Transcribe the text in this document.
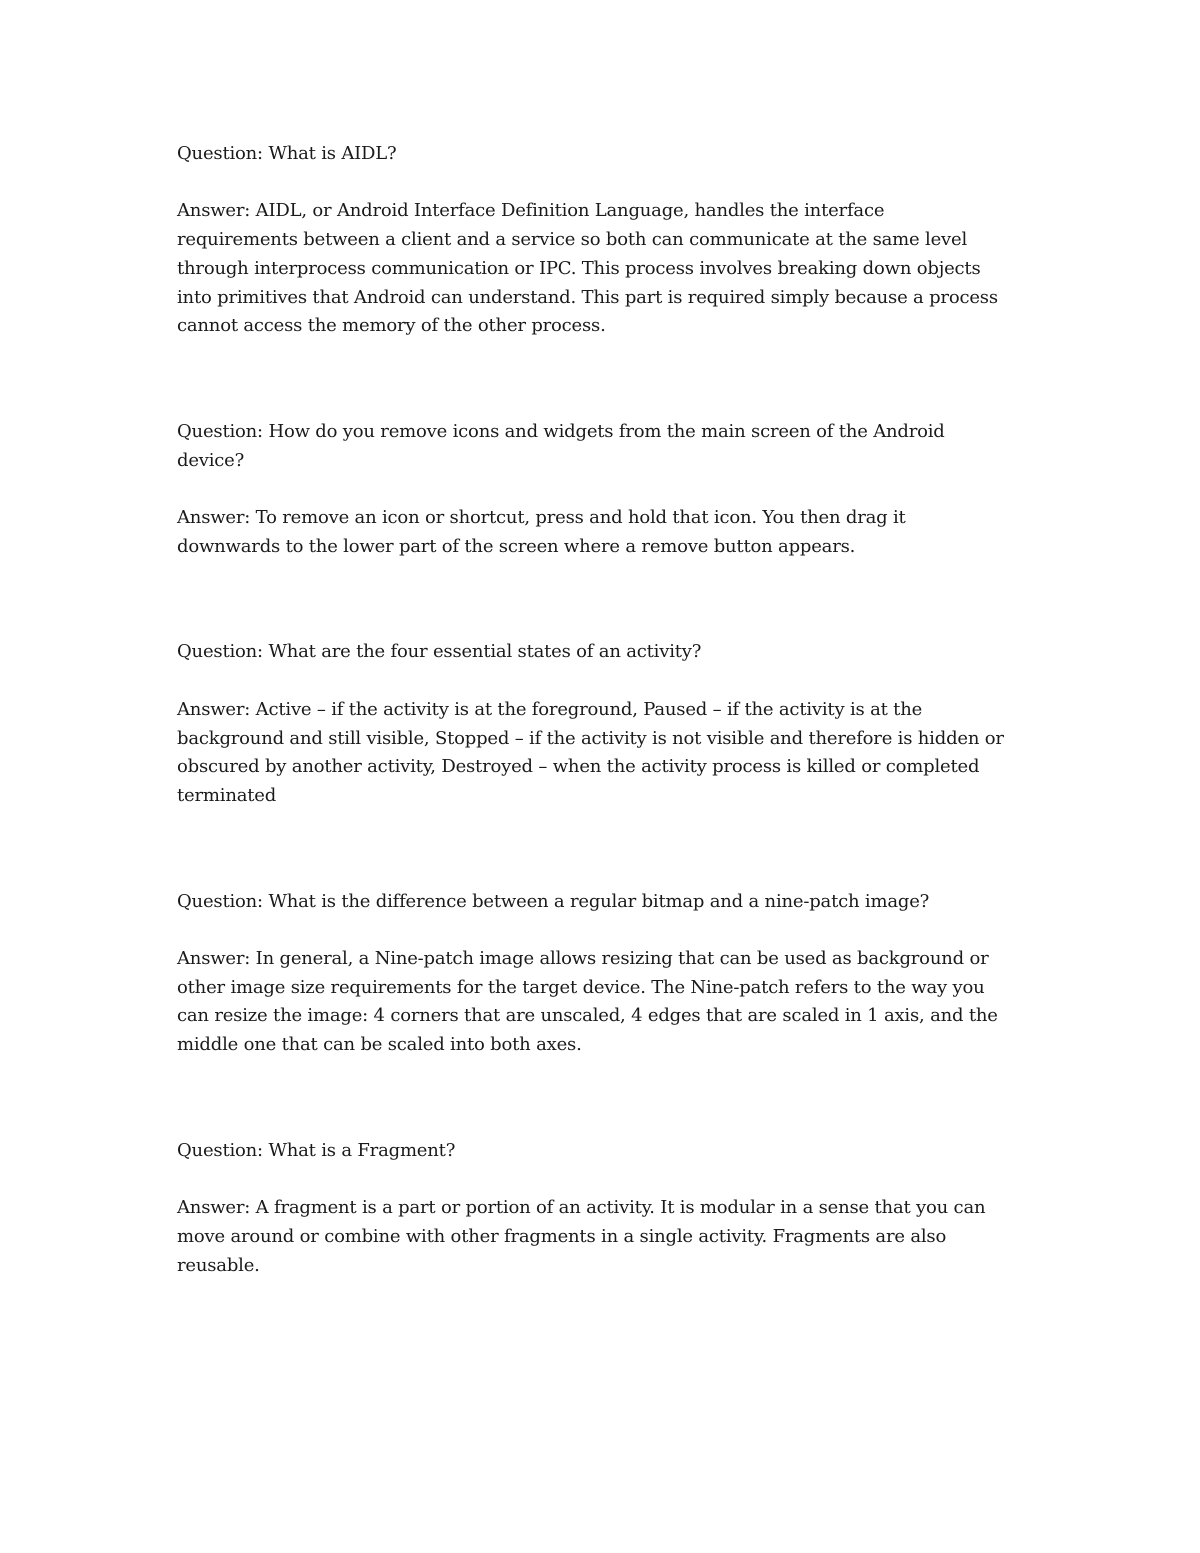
Question: What is AIDL?
Answer: AIDL, or Android Interface Definition Language, handles the interface
requirements between a client and a service so both can communicate at the same level
through interprocess communication or IPC. This process involves breaking down objects
into primitives that Android can understand. This part is required simply because a process
cannot access the memory of the other process.
Question: How do you remove icons and widgets from the main screen of the Android
device?
Answer: To remove an icon or shortcut, press and hold that icon. You then drag it
downwards to the lower part of the screen where a remove button appears.
Question: What are the four essential states of an activity?
Answer: Active – if the activity is at the foreground, Paused – if the activity is at the
background and still visible, Stopped – if the activity is not visible and therefore is hidden or
obscured by another activity, Destroyed – when the activity process is killed or completed
terminated
Question: What is the difference between a regular bitmap and a nine-patch image?
Answer: In general, a Nine-patch image allows resizing that can be used as background or
other image size requirements for the target device. The Nine-patch refers to the way you
can resize the image: 4 corners that are unscaled, 4 edges that are scaled in 1 axis, and the
middle one that can be scaled into both axes.
Question: What is a Fragment?
Answer: A fragment is a part or portion of an activity. It is modular in a sense that you can
move around or combine with other fragments in a single activity. Fragments are also
reusable.
